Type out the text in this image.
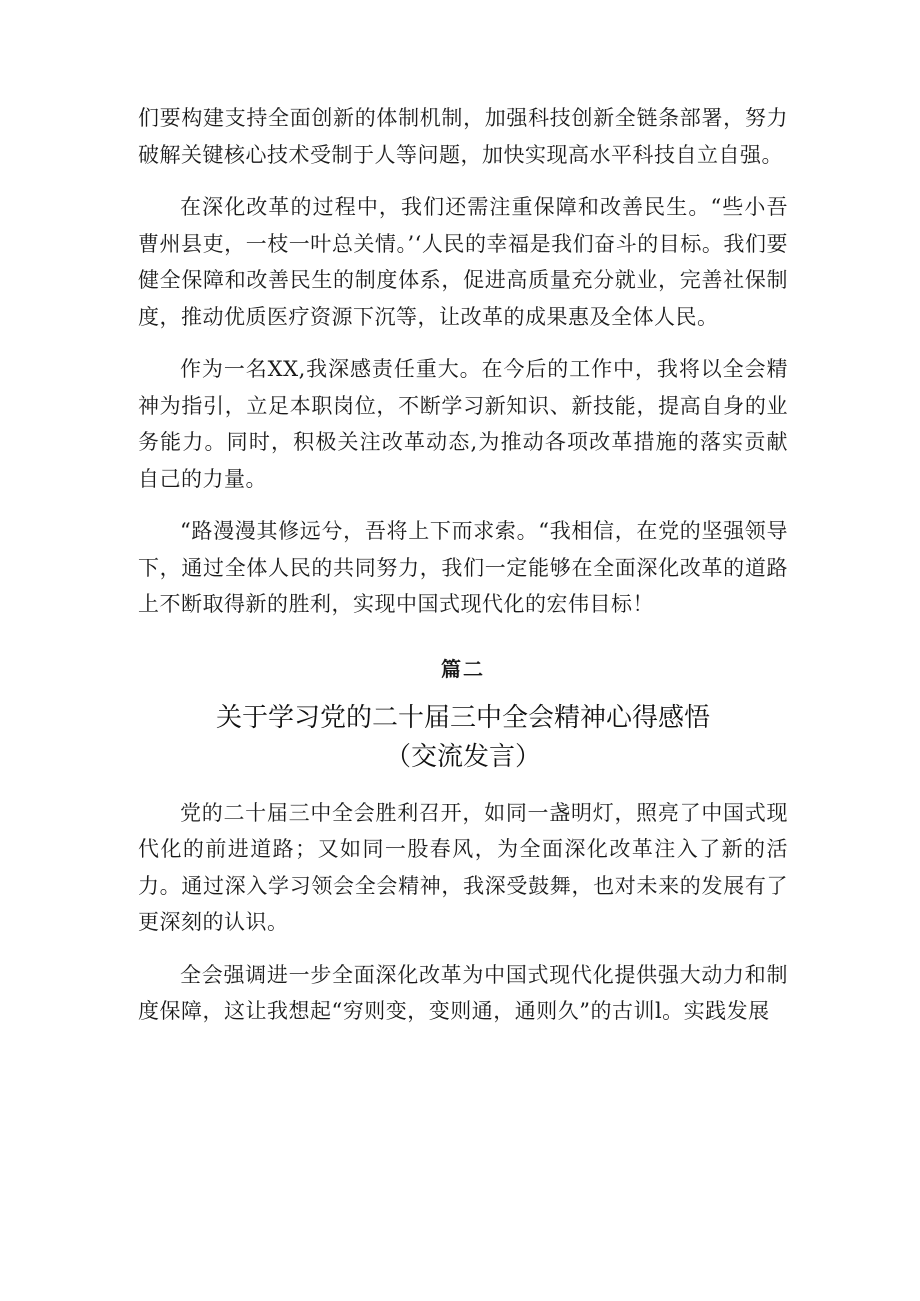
们要构建支持全面创新的体制机制，加强科技创新全链条部署，努力破解关键核心技术受制于人等问题，加快实现高水平科技自立自强。

在深化改革的过程中，我们还需注重保障和改善民生。“些小吾曹州县吏，一枝一叶总关情。’‘人民的幸福是我们奋斗的目标。我们要健全保障和改善民生的制度体系，促进高质量充分就业，完善社保制度，推动优质医疗资源下沉等，让改革的成果惠及全体人民。

作为一名XX,我深感责任重大。在今后的工作中，我将以全会精神为指引，立足本职岗位，不断学习新知识、新技能，提高自身的业务能力。同时，积极关注改革动态,为推动各项改革措施的落实贡献自己的力量。

“路漫漫其修远兮，吾将上下而求索。“我相信，在党的坚强领导下，通过全体人民的共同努力，我们一定能够在全面深化改革的道路上不断取得新的胜利，实现中国式现代化的宏伟目标！

篇二
关于学习党的二十届三中全会精神心得感悟
（交流发言）

党的二十届三中全会胜利召开，如同一盏明灯，照亮了中国式现代化的前进道路；又如同一股春风，为全面深化改革注入了新的活力。通过深入学习领会全会精神，我深受鼓舞，也对未来的发展有了更深刻的认识。

全会强调进一步全面深化改革为中国式现代化提供强大动力和制度保障，这让我想起“穷则变，变则通，通则久”的古训l。实践发展
